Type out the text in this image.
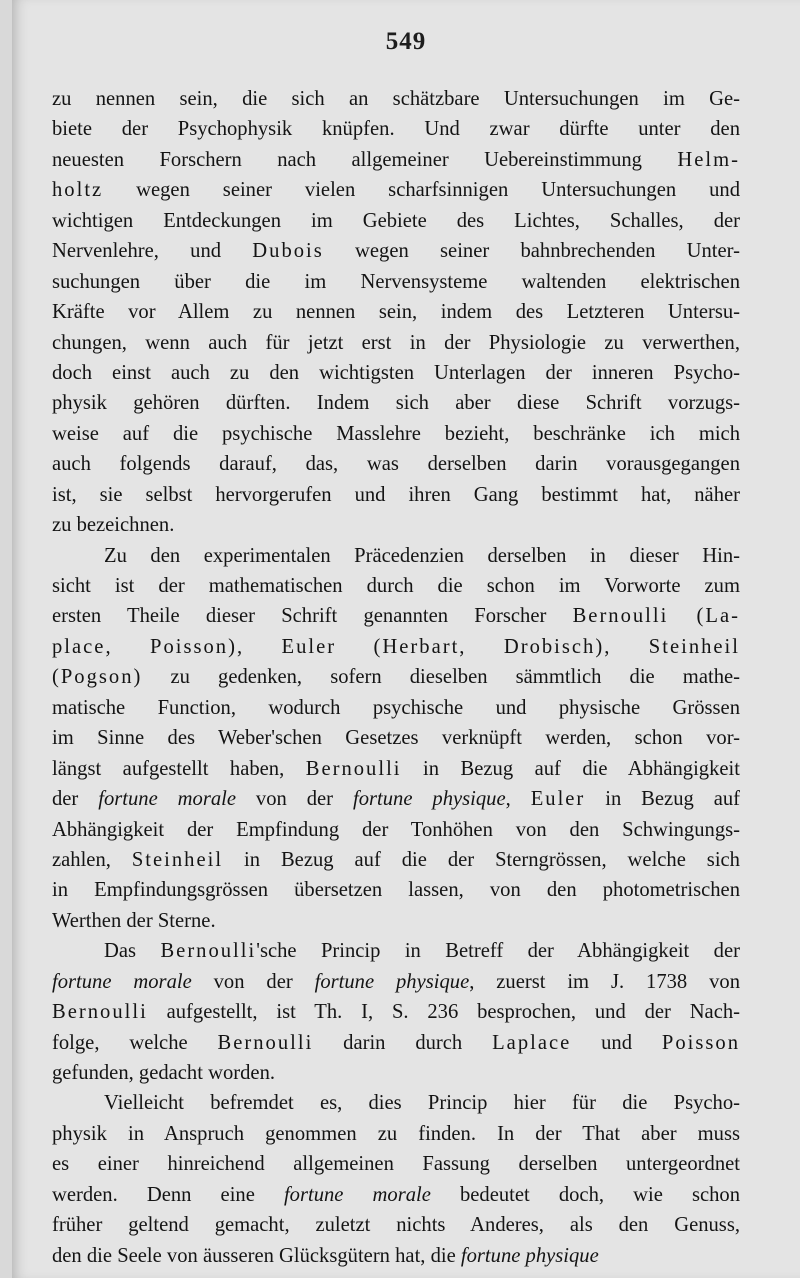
549
zu nennen sein, die sich an schätzbare Untersuchungen im Ge-
biete der Psychophysik knüpfen. Und zwar dürfte unter den
neuesten Forschern nach allgemeiner Uebereinstimmung Helm-
holtz wegen seiner vielen scharfsinnigen Untersuchungen und
wichtigen Entdeckungen im Gebiete des Lichtes, Schalles, der
Nervenlehre, und Dubois wegen seiner bahnbrechenden Unter-
suchungen über die im Nervensysteme waltenden elektrischen
Kräfte vor Allem zu nennen sein, indem des Letzteren Untersu-
chungen, wenn auch für jetzt erst in der Physiologie zu verwerthen,
doch einst auch zu den wichtigsten Unterlagen der inneren Psycho-
physik gehören dürften. Indem sich aber diese Schrift vorzugs-
weise auf die psychische Masslehre bezieht, beschränke ich mich
auch folgends darauf, das, was derselben darin vorausgegangen
ist, sie selbst hervorgerufen und ihren Gang bestimmt hat, näher
zu bezeichnen.
Zu den experimentalen Präcedenzien derselben in dieser Hin-
sicht ist der mathematischen durch die schon im Vorworte zum
ersten Theile dieser Schrift genannten Forscher Bernoulli (La-
place, Poisson), Euler (Herbart, Drobisch), Steinheil
(Pogson) zu gedenken, sofern dieselben sämmtlich die mathe-
matische Function, wodurch psychische und physische Grössen
im Sinne des Weber'schen Gesetzes verknüpft werden, schon vor-
längst aufgestellt haben, Bernoulli in Bezug auf die Abhängigkeit
der fortune morale von der fortune physique, Euler in Bezug auf
Abhängigkeit der Empfindung der Tonhöhen von den Schwingungs-
zahlen, Steinheil in Bezug auf die der Sterngrössen, welche sich
in Empfindungsgrössen übersetzen lassen, von den photometrischen
Werthen der Sterne.
Das Bernoulli'sche Princip in Betreff der Abhängigkeit der
fortune morale von der fortune physique, zuerst im J. 1738 von
Bernoulli aufgestellt, ist Th. I, S. 236 besprochen, und der Nach-
folge, welche Bernoulli darin durch Laplace und Poisson
gefunden, gedacht worden.
Vielleicht befremdet es, dies Princip hier für die Psycho-
physik in Anspruch genommen zu finden. In der That aber muss
es einer hinreichend allgemeinen Fassung derselben untergeordnet
werden. Denn eine fortune morale bedeutet doch, wie schon
früher geltend gemacht, zuletzt nichts Anderes, als den Genuss,
den die Seele von äusseren Glücksgütern hat, die fortune physique
